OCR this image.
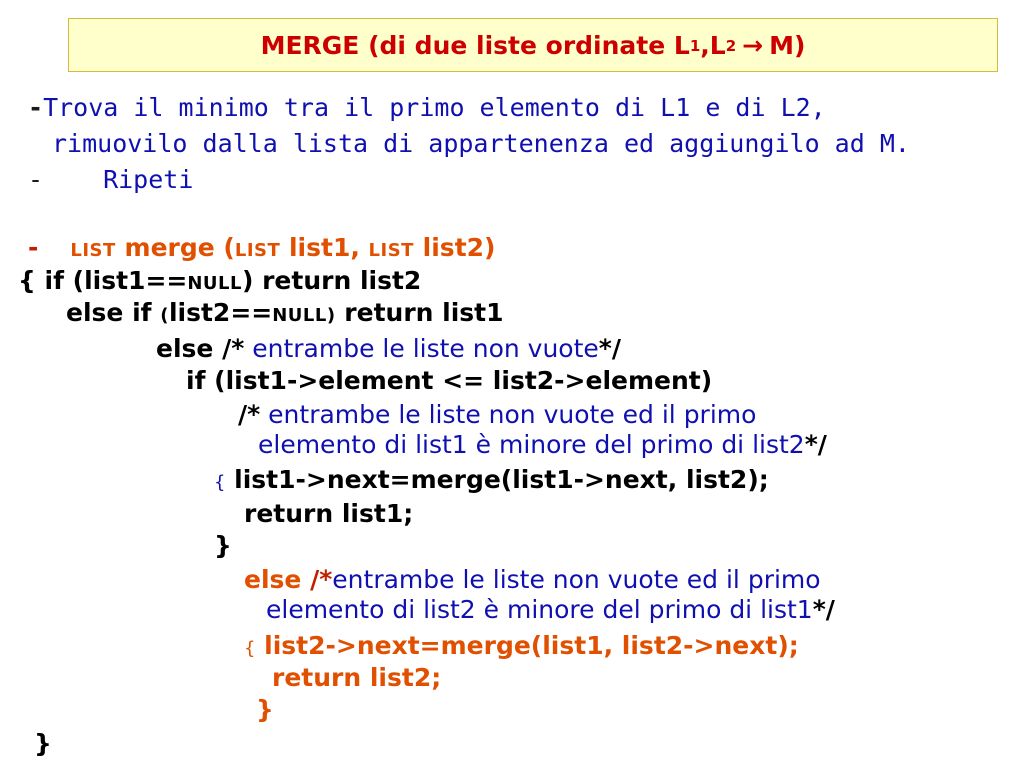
MERGE (di due liste ordinate $L_1$ $,L_2 \to M$)
-Trova il minimo tra il primo elemento di L1 e di L2,
rimuovilo dalla lista di appartenenza ed aggiungilo ad M.
- Ripeti
- LIST merge (LIST list1, LIST list2)
{ if (list1==NULL) return list2
else if (list2==NULL) return list1
else /* entrambe le liste non vuote*/
if (list1->element <= list2->element)
/* entrambe le liste non vuote ed il primo
elemento di list1 è minore del primo di list2*/
{ list1->next=merge(list1->next, list2);
return list1;
}
else /*entrambe le liste non vuote ed il primo
elemento di list2 è minore del primo di list1*/
{ list2->next=merge(list1, list2->next);
return list2;
}
}
